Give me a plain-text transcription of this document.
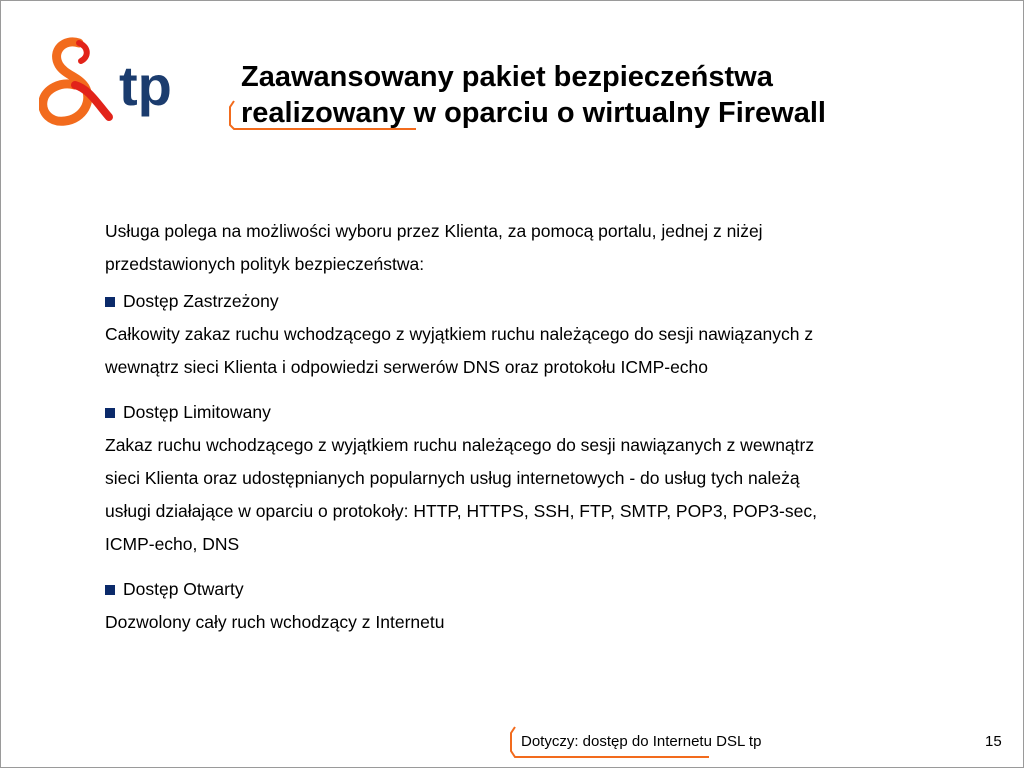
tp Zaawansowany pakiet bezpieczeństwa
realizowany w oparciu o wirtualny Firewall

Usługa polega na możliwości wyboru przez Klienta, za pomocą portalu, jednej z niżej

przedstawionych polityk bezpieczeństwa:

Dostęp Zastrzeżony

Całkowity zakaz ruchu wchodzącego z wyjątkiem ruchu należącego do sesji nawiązanych z

wewnątrz sieci Klienta i odpowiedzi serwerów DNS oraz protokołu ICMP-echo

Dostęp Limitowany

Zakaz ruchu wchodzącego z wyjątkiem ruchu należącego do sesji nawiązanych z wewnątrz

sieci Klienta oraz udostępnianych popularnych usług internetowych - do usług tych należą

usługi działające w oparciu o protokoły: HTTP, HTTPS, SSH, FTP, SMTP, POP3, POP3-sec,

ICMP-echo, DNS

Dostęp Otwarty

Dozwolony cały ruch wchodzący z Internetu

Dotyczy: dostęp do Internetu DSL tp	15
